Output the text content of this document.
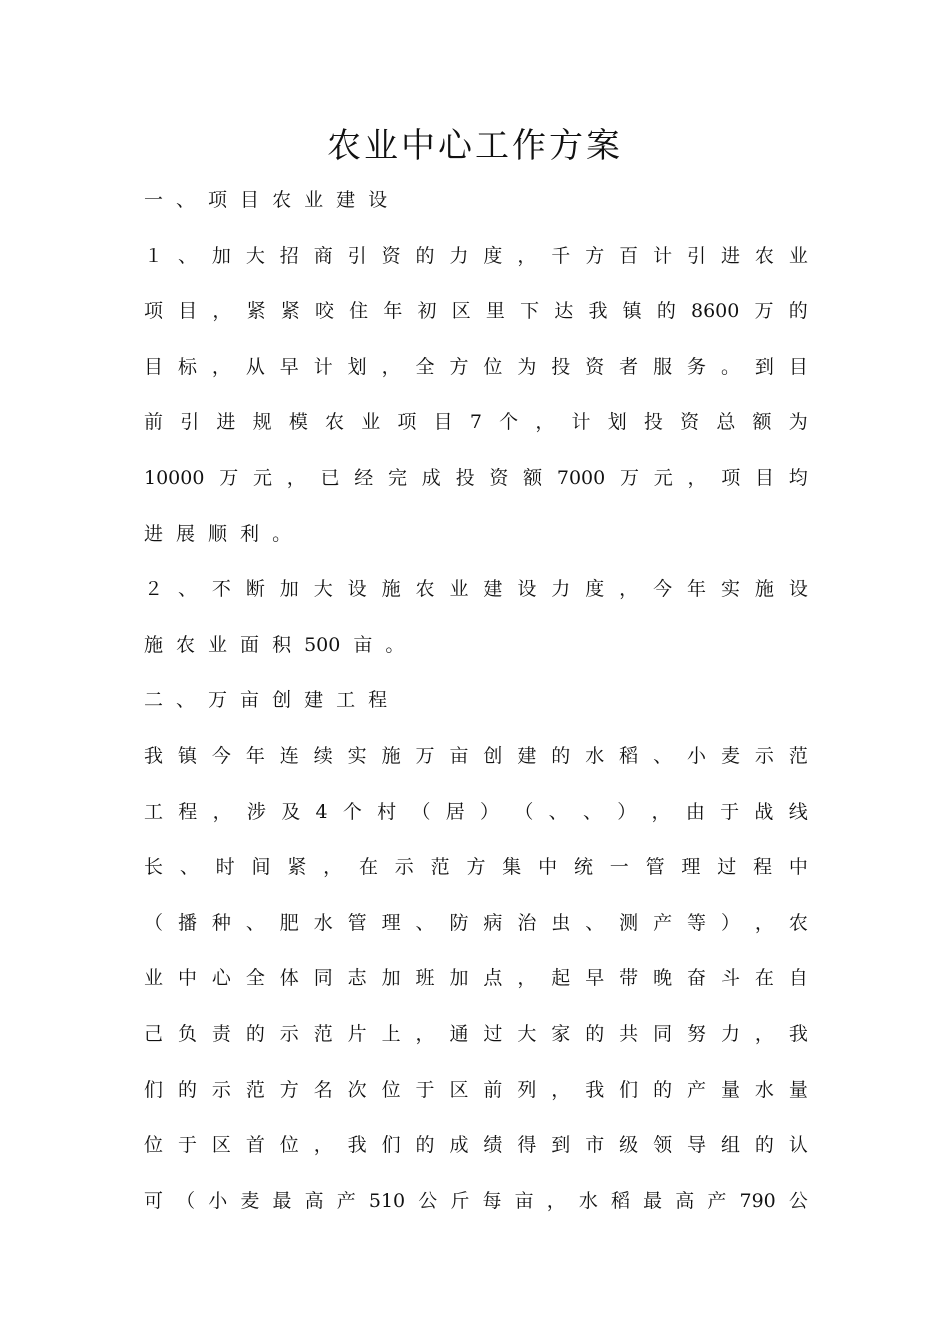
农业中心工作方案
一 、 项 目 农 业 建 设
１ 、 加 大 招 商 引 资 的 力 度 ， 千 方 百 计 引 进 农 业
项 目 ， 紧 紧 咬 住 年 初 区 里 下 达 我 镇 的 8600 万 的
目 标 ， 从 早 计 划 ， 全 方 位 为 投 资 者 服 务 。 到 目
前 引 进 规 模 农 业 项 目 7 个 ， 计 划 投 资 总 额 为
10000 万 元 ， 已 经 完 成 投 资 额 7000 万 元 ， 项 目 均
进 展 顺 利 。
２ 、 不 断 加 大 设 施 农 业 建 设 力 度 ， 今 年 实 施 设
施 农 业 面 积 500 亩 。
二 、 万 亩 创 建 工 程
我 镇 今 年 连 续 实 施 万 亩 创 建 的 水 稻 、 小 麦 示 范
工 程 ， 涉 及 4 个 村 （ 居 ） （ 、 、 ） ， 由 于 战 线
长 、 时 间 紧 ， 在 示 范 方 集 中 统 一 管 理 过 程 中
（ 播 种 、 肥 水 管 理 、 防 病 治 虫 、 测 产 等 ） ， 农
业 中 心 全 体 同 志 加 班 加 点 ， 起 早 带 晚 奋 斗 在 自
己 负 责 的 示 范 片 上 ， 通 过 大 家 的 共 同 努 力 ， 我
们 的 示 范 方 名 次 位 于 区 前 列 ， 我 们 的 产 量 水 量
位 于 区 首 位 ， 我 们 的 成 绩 得 到 市 级 领 导 组 的 认
可 （ 小 麦 最 高 产 510 公 斤 每 亩 ， 水 稻 最 高 产 790 公
